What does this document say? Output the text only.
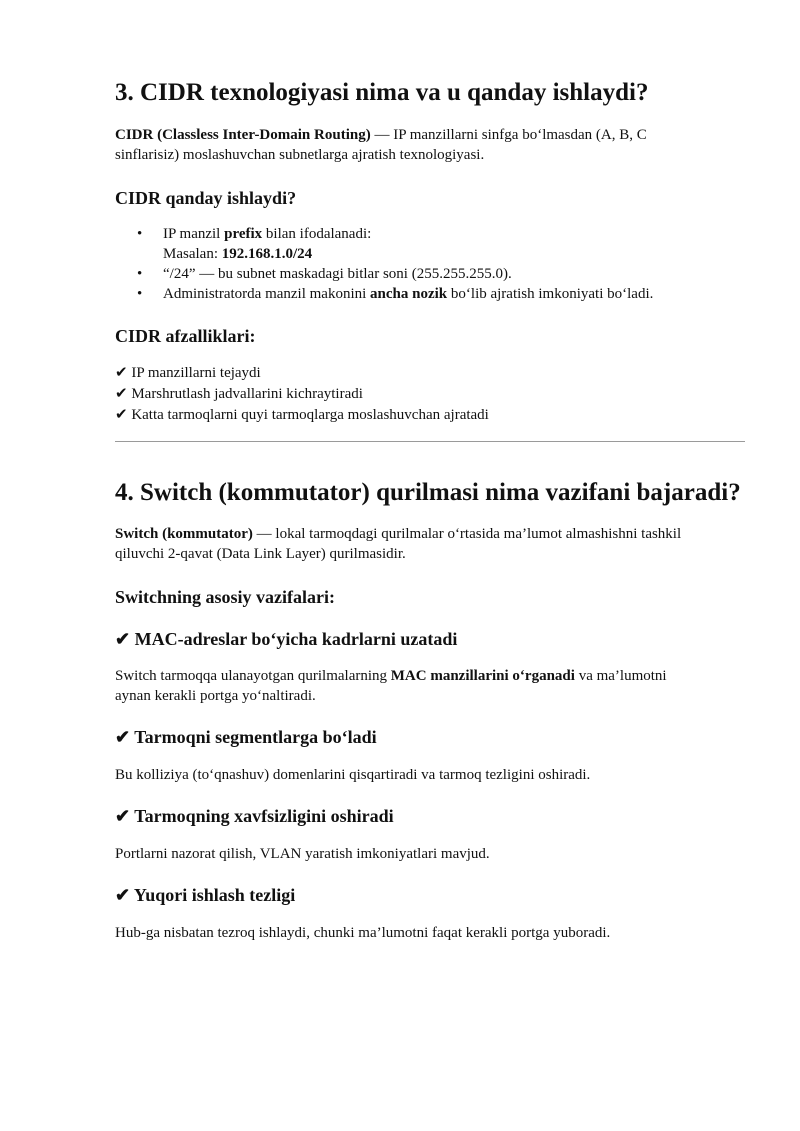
3. CIDR texnologiyasi nima va u qanday ishlaydi?

CIDR (Classless Inter-Domain Routing) — IP manzillarni sinfga bo‘lmasdan (A, B, C
sinflarisiz) moslashuvchan subnetlarga ajratish texnologiyasi.

CIDR qanday ishlaydi?
• IP manzil prefix bilan ifodalanadi:
Masalan: 192.168.1.0/24
• “/24” — bu subnet maskadagi bitlar soni (255.255.255.0).
• Administratorda manzil makonini ancha nozik bo‘lib ajratish imkoniyati bo‘ladi.
CIDR afzalliklari:
✔ IP manzillarni tejaydi
✔ Marshrutlash jadvallarini kichraytiradi
✔ Katta tarmoqlarni quyi tarmoqlarga moslashuvchan ajratadi
4. Switch (kommutator) qurilmasi nima vazifani bajaradi?

Switch (kommutator) — lokal tarmoqdagi qurilmalar o‘rtasida ma’lumot almashishni tashkil
qiluvchi 2-qavat (Data Link Layer) qurilmasidir.

Switchning asosiy vazifalari:
✔ MAC-adreslar bo‘yicha kadrlarni uzatadi

Switch tarmoqqa ulanayotgan qurilmalarning MAC manzillarini o‘rganadi va ma’lumotni
aynan kerakli portga yo‘naltiradi.

✔ Tarmoqni segmentlarga bo‘ladi

Bu kolliziya (to‘qnashuv) domenlarini qisqartiradi va tarmoq tezligini oshiradi.

✔ Tarmoqning xavfsizligini oshiradi

Portlarni nazorat qilish, VLAN yaratish imkoniyatlari mavjud.

✔ Yuqori ishlash tezligi

Hub-ga nisbatan tezroq ishlaydi, chunki ma’lumotni faqat kerakli portga yuboradi.
